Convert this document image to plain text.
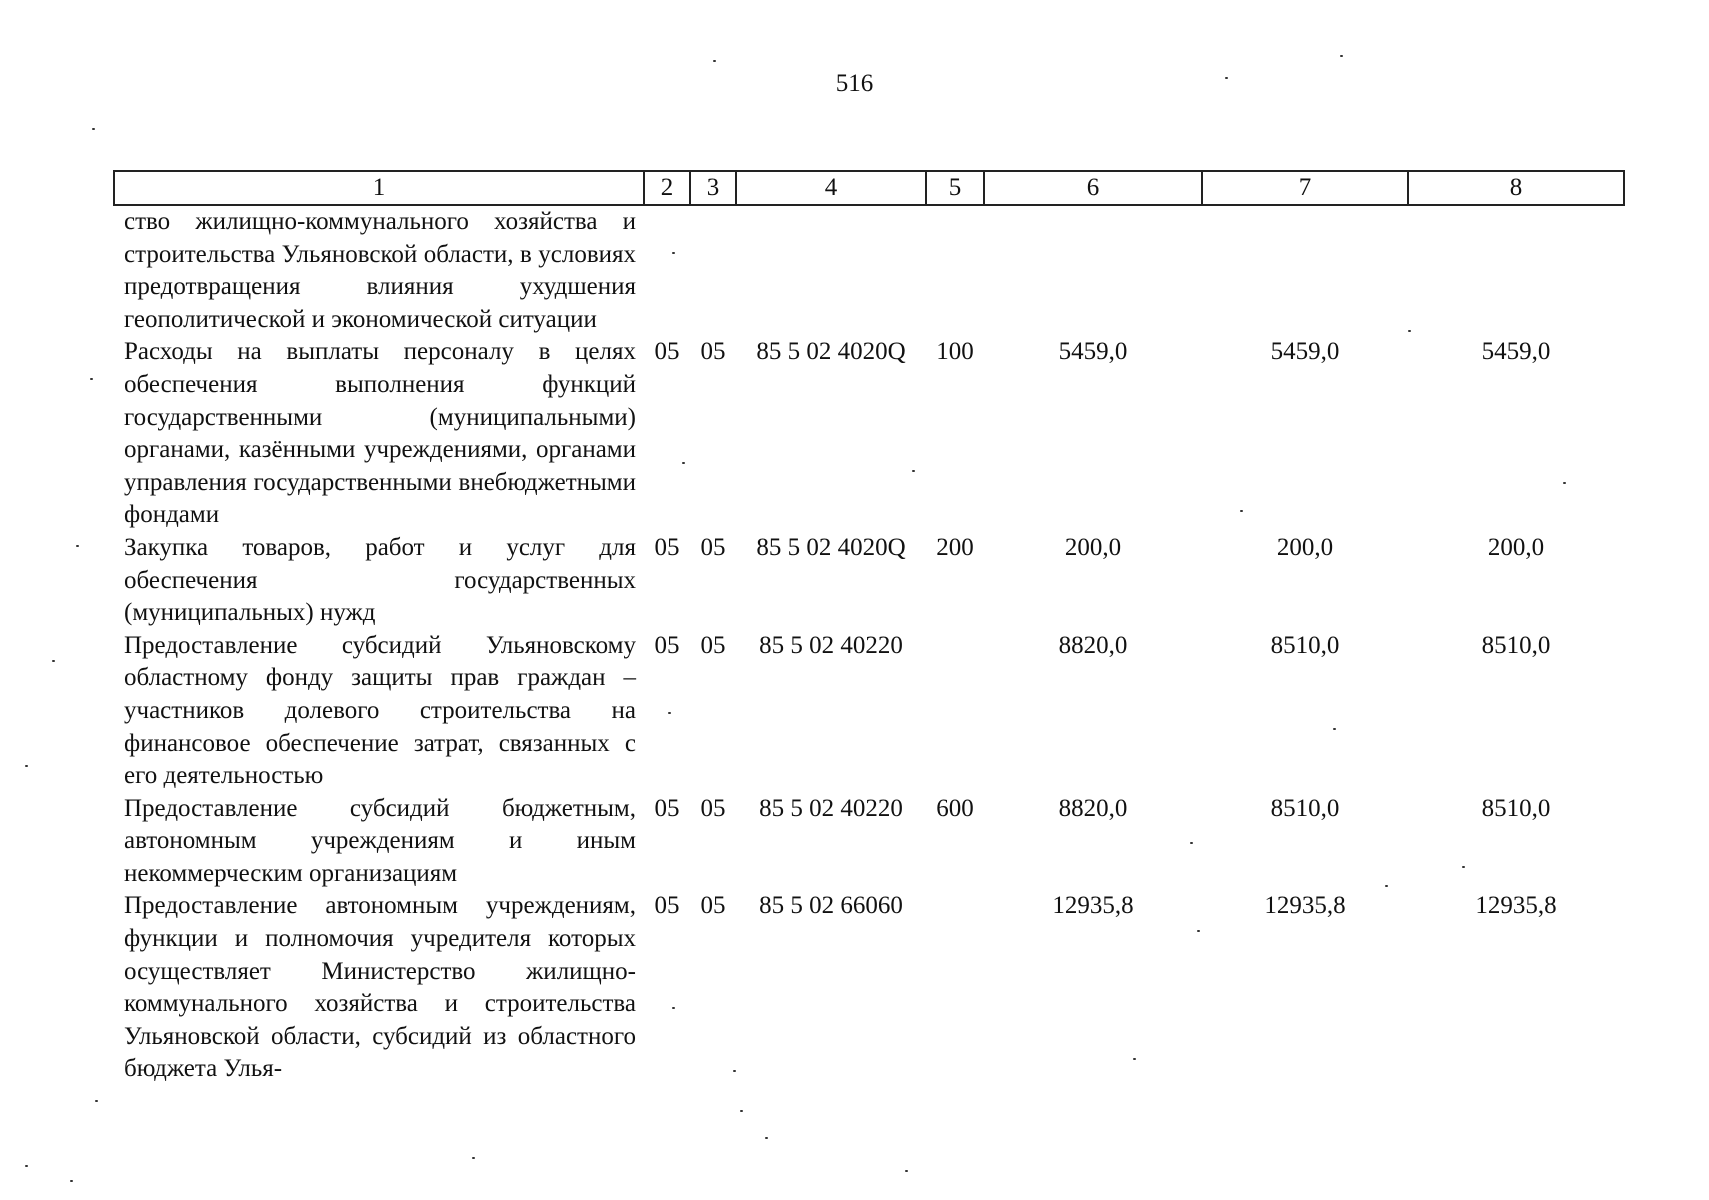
516
1	2	3	4	5	6	7	8
ство жилищно-коммунального хозяйства и строительства Ульяновской области, в условиях предотвращения влияния ухудшения геополитической и экономической ситуации							
Расходы на выплаты персоналу в целях обеспечения выполнения функций государственными (муниципальными) органами, казёнными учреждениями, органами управления государственными внебюджетными фондами	05	05	85 5 02 4020Q	100	5459,0	5459,0	5459,0
Закупка товаров, работ и услуг для обеспечения государственных (муниципальных) нужд	05	05	85 5 02 4020Q	200	200,0	200,0	200,0
Предоставление субсидий Ульяновскому областному фонду защиты прав граждан – участников долевого строительства на финансовое обеспечение затрат, связанных с его деятельностью	05	05	85 5 02 40220		8820,0	8510,0	8510,0
Предоставление субсидий бюджетным, автономным учреждениям и иным некоммерческим организациям	05	05	85 5 02 40220	600	8820,0	8510,0	8510,0
Предоставление автономным учреждениям, функции и полномочия учредителя которых осуществляет Министерство жилищно-коммунального хозяйства и строительства Ульяновской области, субсидий из областного бюджета Улья-	05	05	85 5 02 66060		12935,8	12935,8	12935,8
